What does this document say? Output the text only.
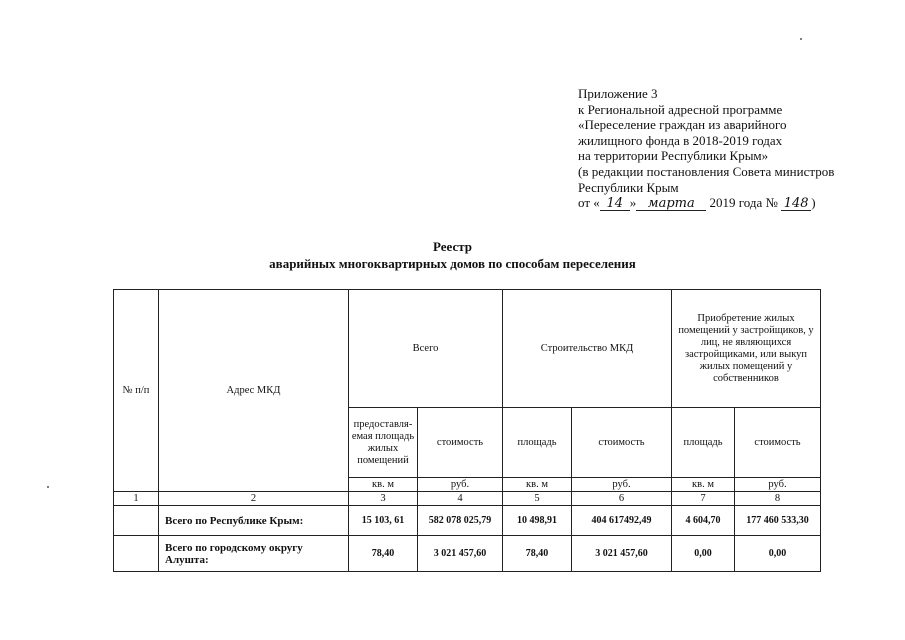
Приложение 3
к Региональной адресной программе
«Переселение граждан из аварийного
жилищного фонда в 2018-2019 годах
на территории Республики Крым»
(в редакции постановления Совета министров
Республики Крым
от « 14 » марта 2019 года № 148 )
Реестр
аварийных многоквартирных домов по способам переселения
№ п/п	Адрес МКД	Всего		Строительство МКД		Приобретение жилых помещений у застройщиков, у лиц, не являющихся застройщиками, или выкуп жилых помещений у собственников	
		предоставля-емая площадь жилых помещений	стоимость	площадь	стоимость	площадь	стоимость
		кв. м	руб.	кв. м	руб.	кв. м	руб.
1	2	3	4	5	6	7	8
	Всего по Республике Крым:	15 103, 61	582 078 025,79	10 498,91	404 617492,49	4 604,70	177 460 533,30
	Всего по городскому округу Алушта:	78,40	3 021 457,60	78,40	3 021 457,60	0,00	0,00
